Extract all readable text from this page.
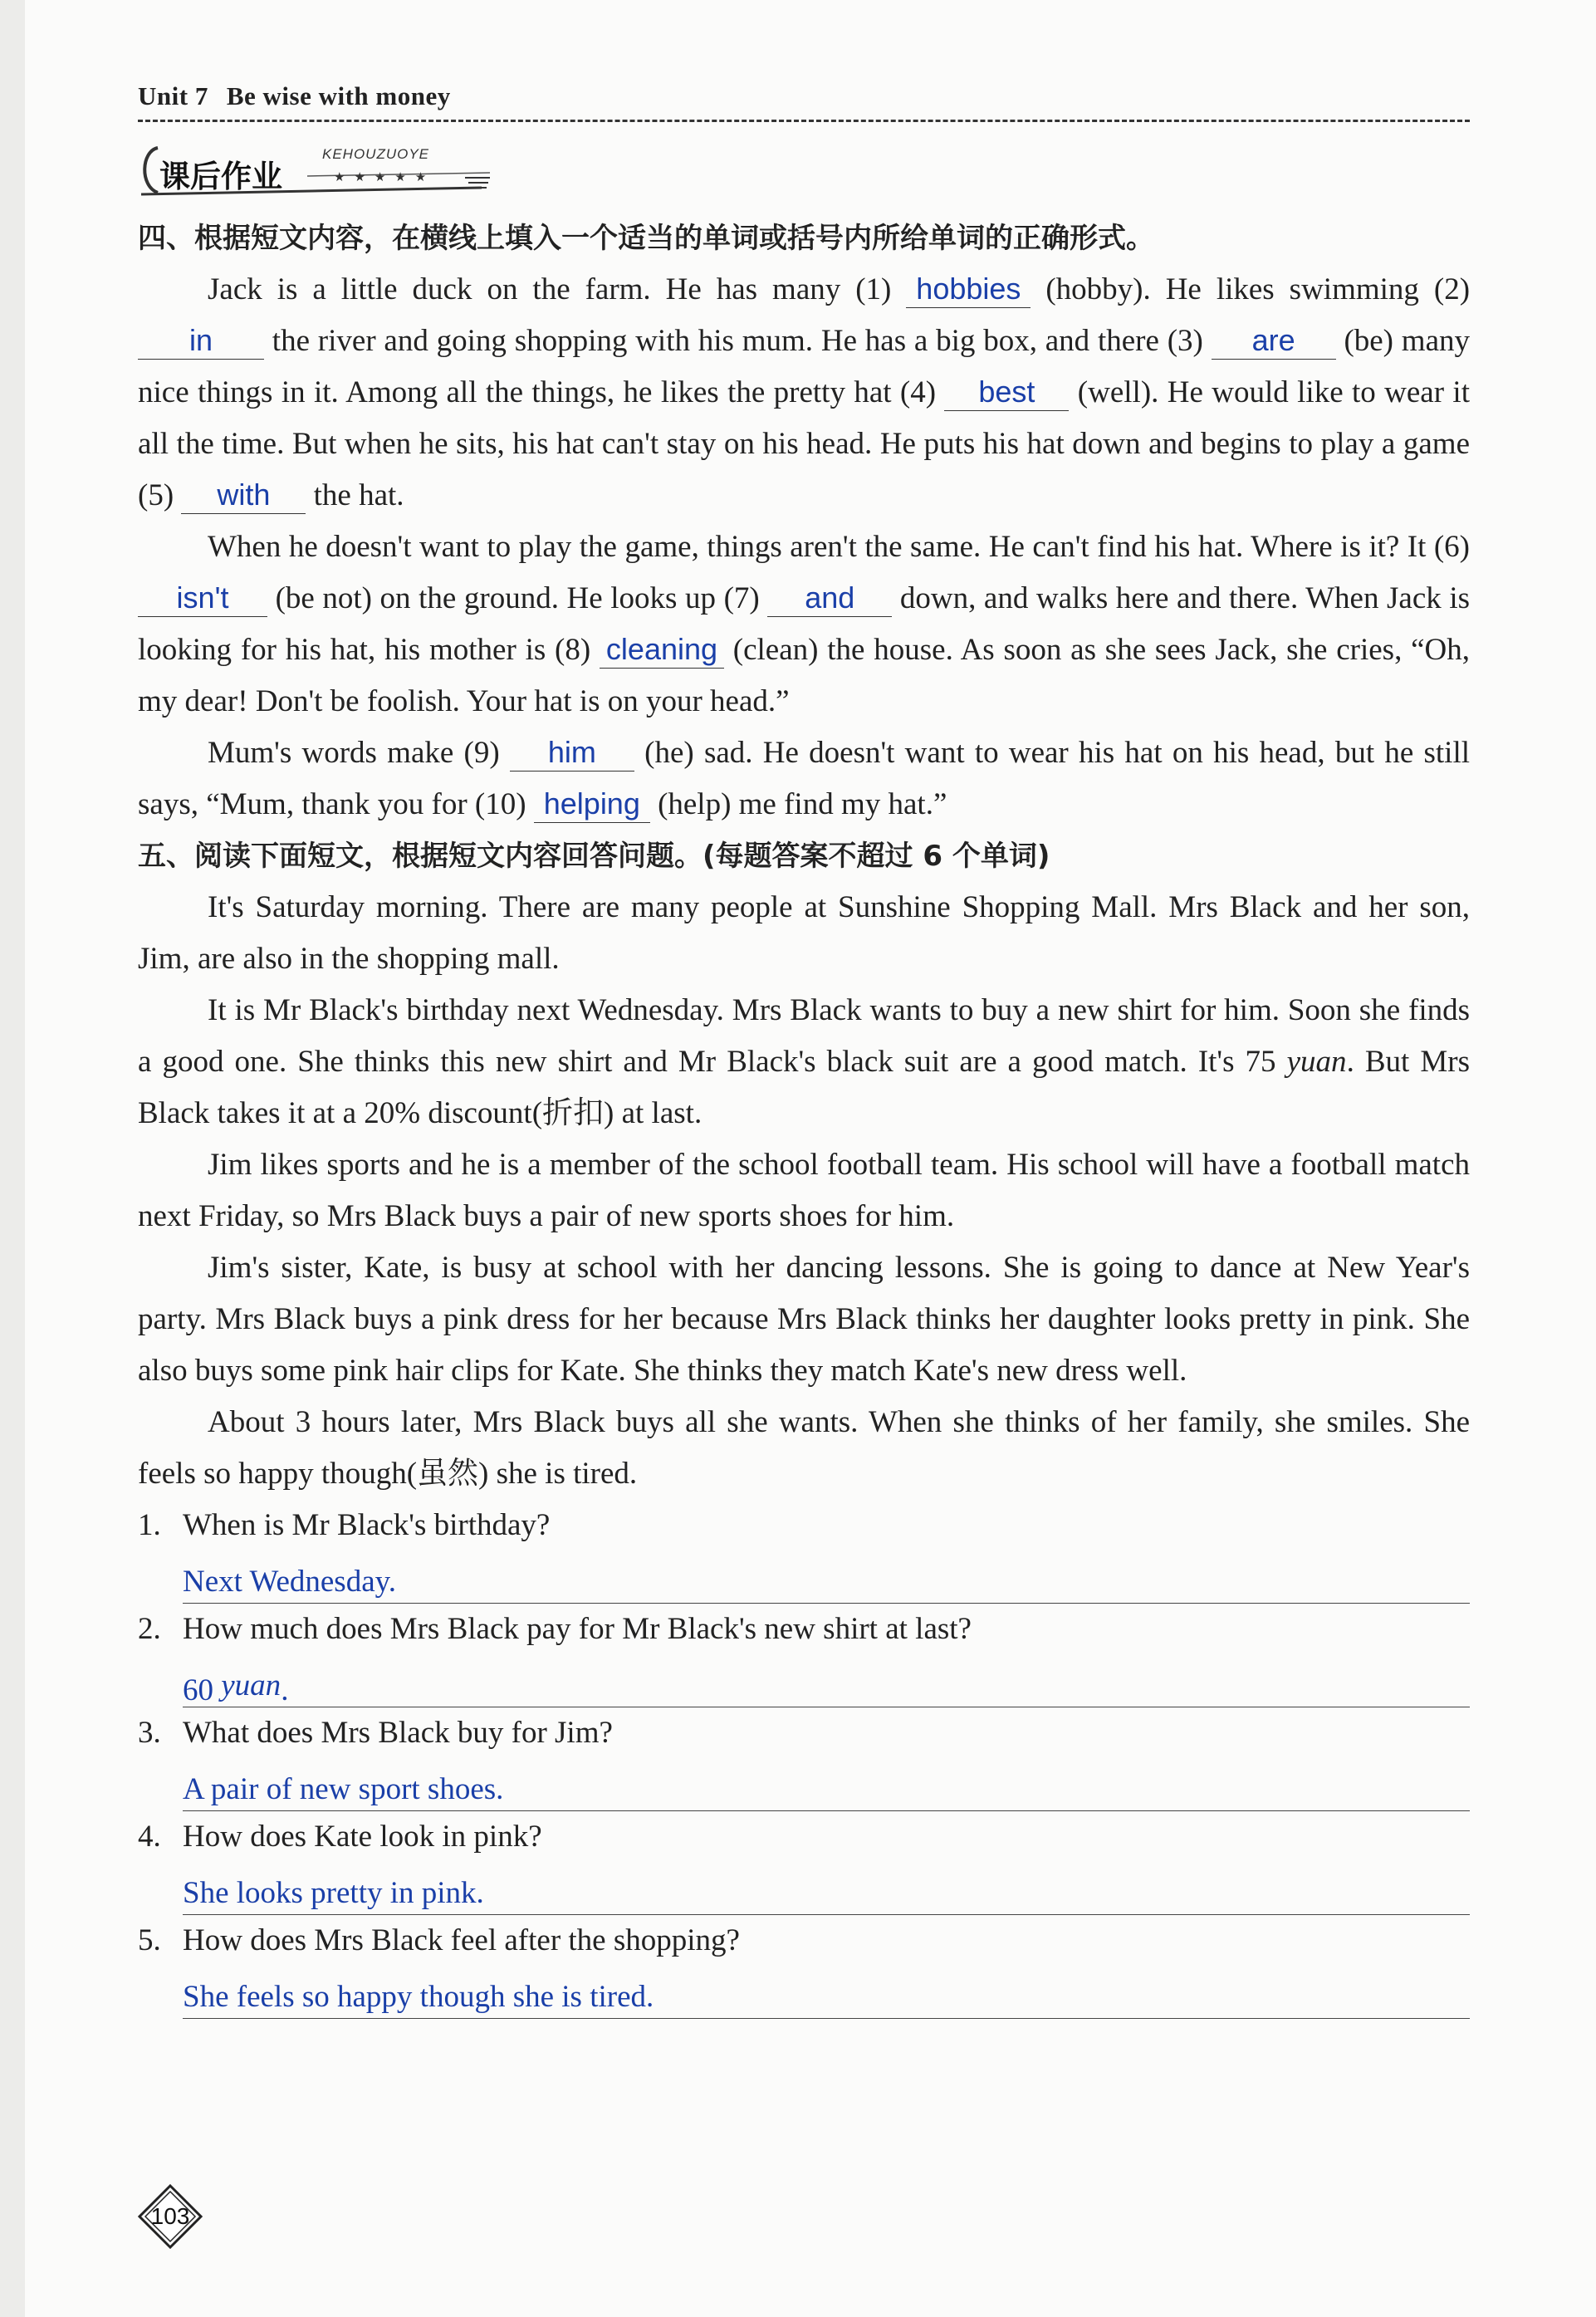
Unit 7 Be wise with money
课后作业
KEHOUZUOYE
★★★★★
四、根据短文内容，在横线上填入一个适当的单词或括号内所给单词的正确形式。
Jack is a little duck on the farm. He has many (1) hobbies (hobby). He likes swimming (2) in the river and going shopping with his mum. He has a big box, and there (3) are (be) many nice things in it. Among all the things, he likes the pretty hat (4) best (well). He would like to wear it all the time. But when he sits, his hat can't stay on his head. He puts his hat down and begins to play a game (5) with the hat.
When he doesn't want to play the game, things aren't the same. He can't find his hat. Where is it? It (6) isn't (be not) on the ground. He looks up (7) and down, and walks here and there. When Jack is looking for his hat, his mother is (8) cleaning (clean) the house. As soon as she sees Jack, she cries, “Oh, my dear! Don't be foolish. Your hat is on your head.”
Mum's words make (9) him (he) sad. He doesn't want to wear his hat on his head, but he still says, “Mum, thank you for (10) helping (help) me find my hat.”
五、阅读下面短文，根据短文内容回答问题。(每题答案不超过 6 个单词)
It's Saturday morning. There are many people at Sunshine Shopping Mall. Mrs Black and her son, Jim, are also in the shopping mall.
It is Mr Black's birthday next Wednesday. Mrs Black wants to buy a new shirt for him. Soon she finds a good one. She thinks this new shirt and Mr Black's black suit are a good match. It's 75 yuan. But Mrs Black takes it at a 20% discount(折扣) at last.
Jim likes sports and he is a member of the school football team. His school will have a football match next Friday, so Mrs Black buys a pair of new sports shoes for him.
Jim's sister, Kate, is busy at school with her dancing lessons. She is going to dance at New Year's party. Mrs Black buys a pink dress for her because Mrs Black thinks her daughter looks pretty in pink. She also buys some pink hair clips for Kate. She thinks they match Kate's new dress well.
About 3 hours later, Mrs Black buys all she wants. When she thinks of her family, she smiles. She feels so happy though(虽然) she is tired.
1. When is Mr Black's birthday?
Next Wednesday.
2. How much does Mrs Black pay for Mr Black's new shirt at last?
60 yuan.
3. What does Mrs Black buy for Jim?
A pair of new sport shoes.
4. How does Kate look in pink?
She looks pretty in pink.
5. How does Mrs Black feel after the shopping?
She feels so happy though she is tired.
103
